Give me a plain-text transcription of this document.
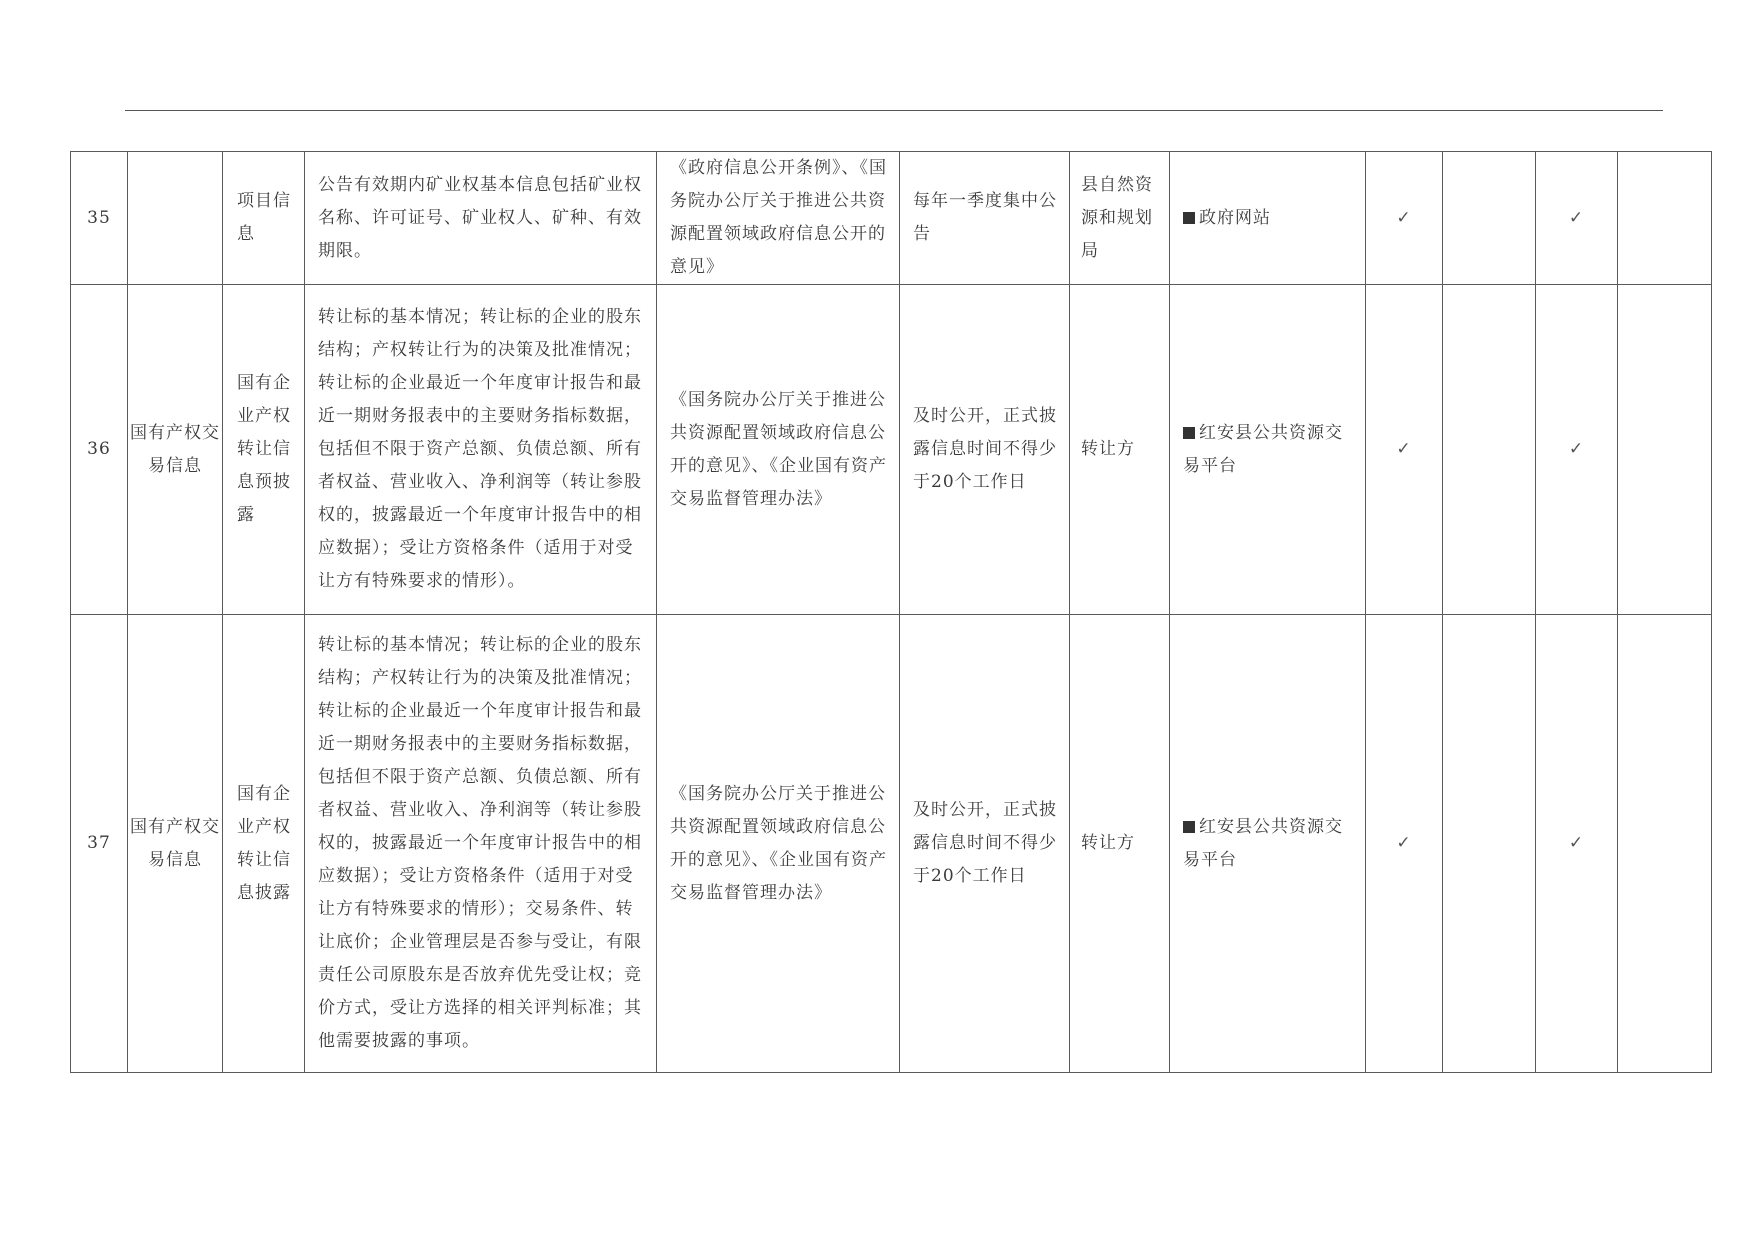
35		项目信息	公告有效期内矿业权基本信息包括矿业权名称、许可证号、矿业权人、矿种、有效期限。	《政府信息公开条例》、《国务院办公厅关于推进公共资源配置领域政府信息公开的意见》	每年一季度集中公告	县自然资源和规划局	政府网站	✓		✓	
36	国有产权交易信息	国有企业产权转让信息预披露	转让标的基本情况；转让标的企业的股东结构；产权转让行为的决策及批准情况；转让标的企业最近一个年度审计报告和最近一期财务报表中的主要财务指标数据，包括但不限于资产总额、负债总额、所有者权益、营业收入、净利润等（转让参股权的，披露最近一个年度审计报告中的相应数据）；受让方资格条件（适用于对受让方有特殊要求的情形）。	《国务院办公厅关于推进公共资源配置领域政府信息公开的意见》、《企业国有资产交易监督管理办法》	及时公开，正式披露信息时间不得少于20个工作日	转让方	红安县公共资源交易平台	✓		✓	
37	国有产权交易信息	国有企业产权转让信息披露	转让标的基本情况；转让标的企业的股东结构；产权转让行为的决策及批准情况；转让标的企业最近一个年度审计报告和最近一期财务报表中的主要财务指标数据，包括但不限于资产总额、负债总额、所有者权益、营业收入、净利润等（转让参股权的，披露最近一个年度审计报告中的相应数据）；受让方资格条件（适用于对受让方有特殊要求的情形）；交易条件、转让底价；企业管理层是否参与受让，有限责任公司原股东是否放弃优先受让权；竞价方式，受让方选择的相关评判标准；其他需要披露的事项。	《国务院办公厅关于推进公共资源配置领域政府信息公开的意见》、《企业国有资产交易监督管理办法》	及时公开，正式披露信息时间不得少于20个工作日	转让方	红安县公共资源交易平台	✓		✓	
